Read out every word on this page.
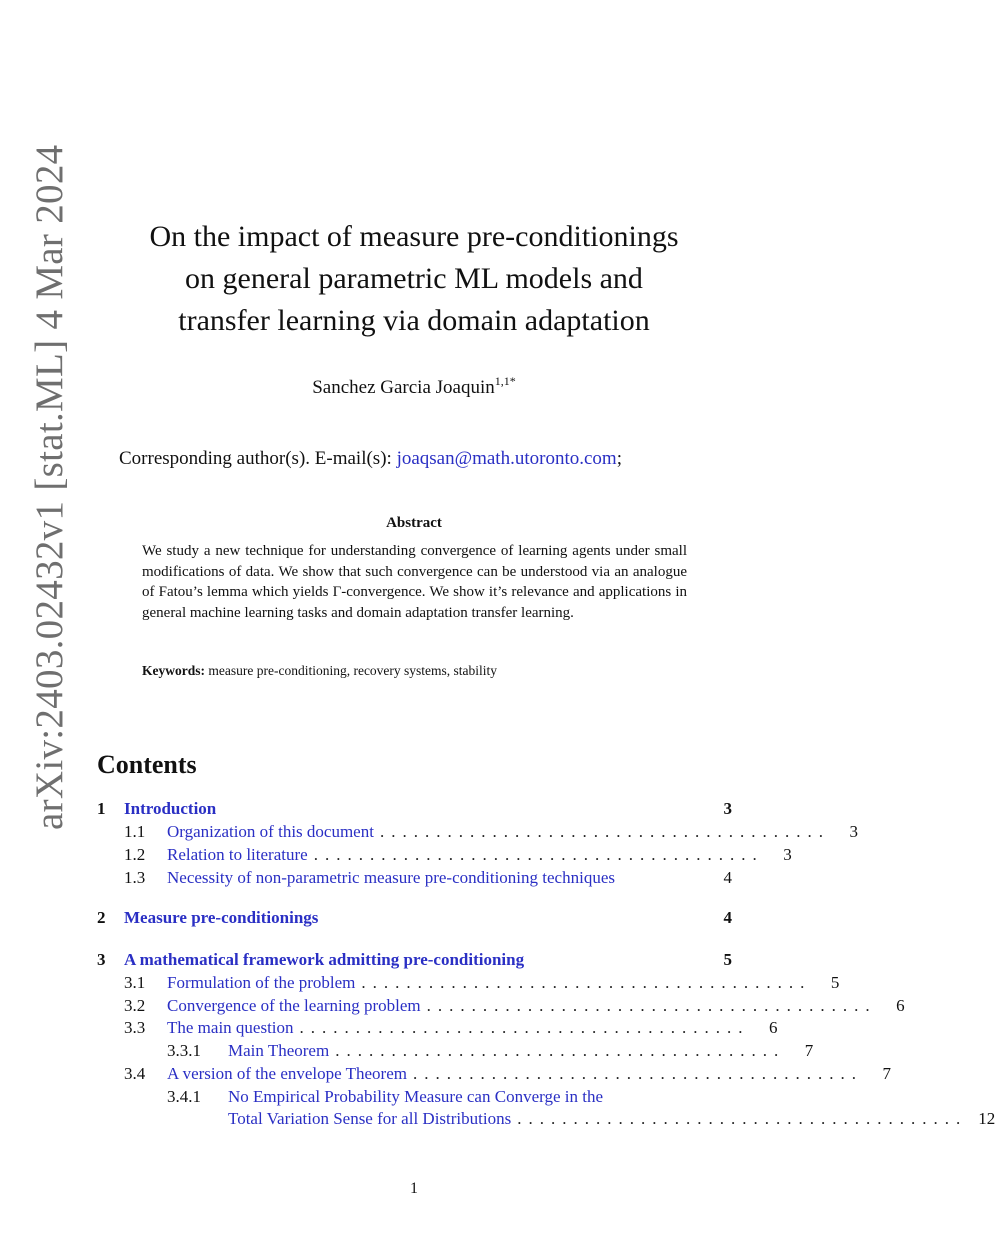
arXiv:2403.02432v1 [stat.ML] 4 Mar 2024	On the impact of measure pre-conditionings
on general parametric ML models and
transfer learning via domain adaptation
Sanchez Garcia Joaquin$^{1,1*}$
Corresponding author(s). E-mail(s): joaqsan@math.utoronto.com;
Abstract
We study a new technique for understanding convergence of learning agents under small modifications of data. We show that such convergence can be understood via an analogue of Fatou’s lemma which yields Γ-convergence. We show it’s relevance and applications in general machine learning tasks and domain adaptation transfer learning.
Keywords: measure pre-conditioning, recovery systems, stability
Contents
1	Introduction	3
1.1	Organization of this document ........................................	3
1.2	Relation to literature ........................................	3
1.3	Necessity of non-parametric measure pre-conditioning techniques	4
2	Measure pre-conditionings	4
3	A mathematical framework admitting pre-conditioning	5
3.1	Formulation of the problem ........................................	5
3.2	Convergence of the learning problem ........................................	6
3.3	The main question ........................................	6
3.3.1	Main Theorem ........................................	7
3.4	A version of the envelope Theorem ........................................	7
3.4.1	No Empirical Probability Measure can Converge in the
Total Variation Sense for all Distributions ........................................ 12
1
